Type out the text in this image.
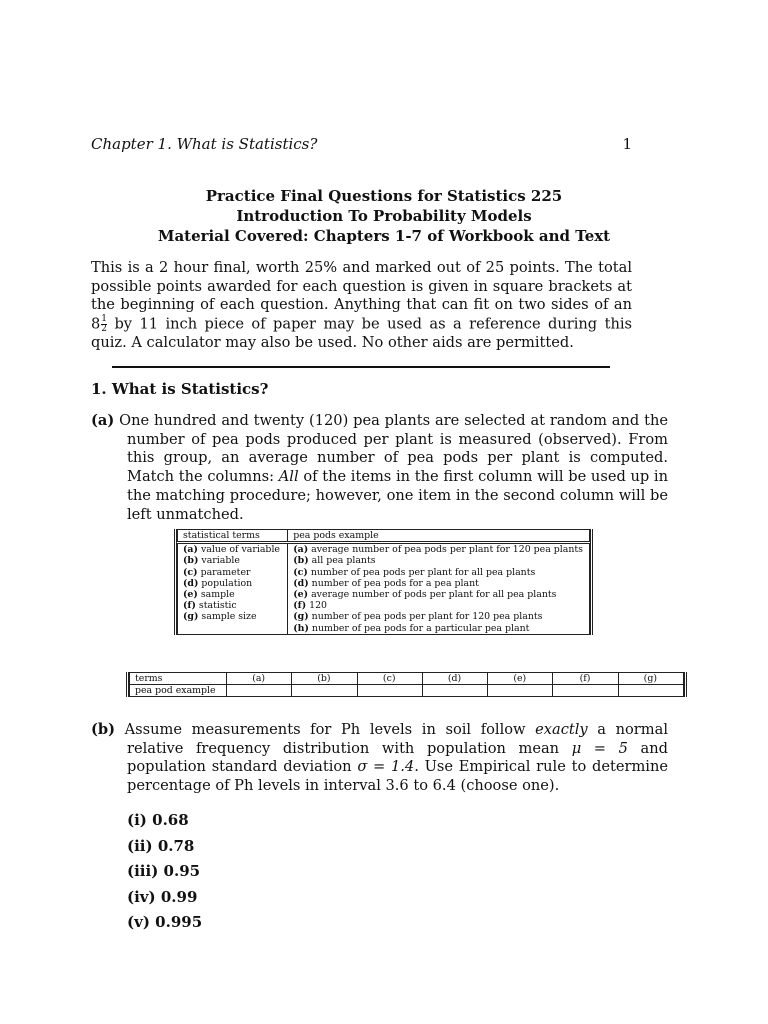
Chapter 1. What is Statistics?	1
Practice Final Questions for Statistics 225
Introduction To Probability Models
Material Covered: Chapters 1-7 of Workbook and Text
This is a 2 hour final, worth 25% and marked out of 25 points. The total possible points awarded for each question is given in square brackets at the beginning of each question. Anything that can fit on two sides of an $8 \frac{1}{2}$ by 11 inch piece of paper may be used as a reference during this quiz. A calculator may also be used. No other aids are permitted.
1. What is Statistics?
(a) One hundred and twenty (120) pea plants are selected at random and the number of pea pods produced per plant is measured (observed). From this group, an average number of pea pods per plant is computed. Match the columns: All of the items in the first column will be used up in the matching procedure; however, one item in the second column will be left unmatched.
statistical terms	pea pods example
(a) value of variable	(a) average number of pea pods per plant for 120 pea plants
(b) variable	(b) all pea plants
(c) parameter	(c) number of pea pods per plant for all pea plants
(d) population	(d) number of pea pods for a pea plant
(e) sample	(e) average number of pods per plant for all pea plants
(f) statistic	(f) 120
(g) sample size	(g) number of pea pods per plant for 120 pea plants
	(h) number of pea pods for a particular pea plant
terms	(a)	(b)	(c)	(d)	(e)	(f)	(g)
pea pod example							
(b) Assume measurements for Ph levels in soil follow exactly a normal relative frequency distribution with population mean μ = 5 and population standard deviation σ = 1.4. Use Empirical rule to determine percentage of Ph levels in interval 3.6 to 6.4 (choose one).
(i) 0.68
(ii) 0.78
(iii) 0.95
(iv) 0.99
(v) 0.995
